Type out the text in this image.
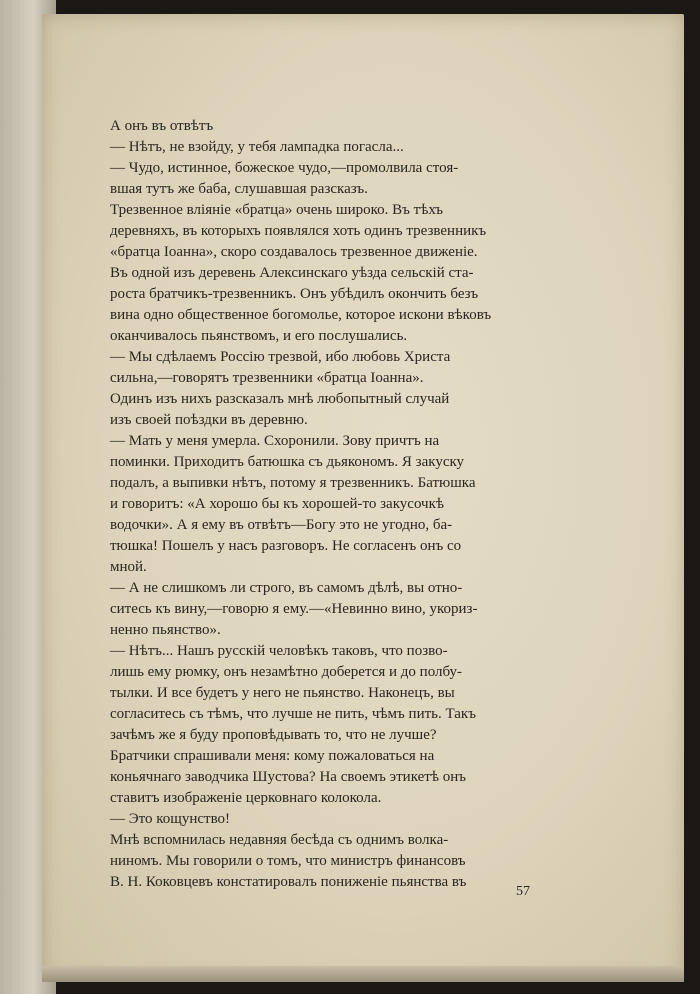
А онъ въ отвѣтъ

— Нѣтъ, не взойду, у тебя лампадка погасла...

— Чудо, истинное, божеское чудо,—промолвила стоя-
вшая тутъ же баба, слушавшая разсказъ.

Трезвенное вліяніе «братца» очень широко. Въ тѣхъ
деревняхъ, въ которыхъ появлялся хоть одинъ трезвенникъ
«братца Іоанна», скоро создавалось трезвенное движеніе.
Въ одной изъ деревень Алексинскаго уѣзда сельскій ста-
роста братчикъ-трезвенникъ. Онъ убѣдилъ окончить безъ
вина одно общественное богомолье, которое искони вѣковъ
оканчивалось пьянствомъ, и его послушались.

— Мы сдѣлаемъ Россію трезвой, ибо любовь Христа
сильна,—говорятъ трезвенники «братца Іоанна».

Одинъ изъ нихъ разсказалъ мнѣ любопытный случай
изъ своей поѣздки въ деревню.

— Мать у меня умерла. Схоронили. Зову причтъ на
поминки. Приходитъ батюшка съ дьякономъ. Я закуску
подалъ, а выпивки нѣтъ, потому я трезвенникъ. Батюшка
и говоритъ: «А хорошо бы къ хорошей-то закусочкѣ
водочки». А я ему въ отвѣтъ—Богу это не угодно, ба-
тюшка! Пошелъ у насъ разговоръ. Не согласенъ онъ со
мной.

— А не слишкомъ ли строго, въ самомъ дѣлѣ, вы отно-
ситесь къ вину,—говорю я ему.—«Невинно вино, укориз-
ненно пьянство».

— Нѣтъ... Нашъ русскій человѣкъ таковъ, что позво-
лишь ему рюмку, онъ незамѣтно доберется и до полбу-
тылки. И все будетъ у него не пьянство. Наконецъ, вы
согласитесь съ тѣмъ, что лучше не пить, чѣмъ пить. Такъ
зачѣмъ же я буду проповѣдывать то, что не лучше?

Братчики спрашивали меня: кому пожаловаться на
коньячнаго заводчика Шустова? На своемъ этикетѣ онъ
ставитъ изображеніе церковнаго колокола.

— Это кощунство!

Мнѣ вспомнилась недавняя бесѣда съ однимъ волка-
ниномъ. Мы говорили о томъ, что министръ финансовъ
В. Н. Коковцевъ констатировалъ пониженіе пьянства въ

57
